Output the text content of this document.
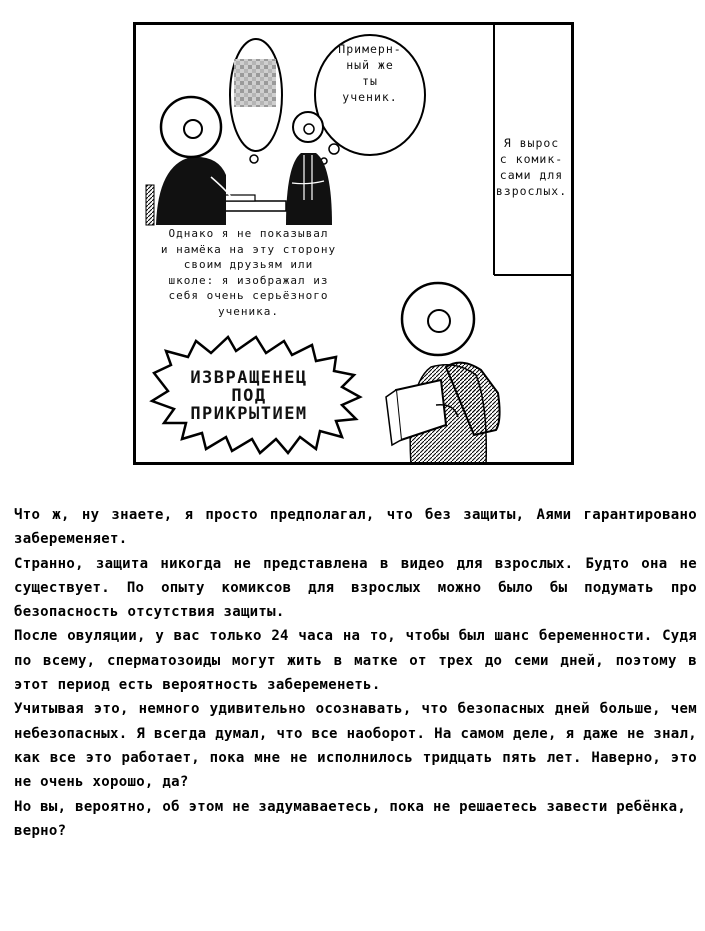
Примерн-
ный же
ты
ученик.
Я вырос
с комик-
сами для
взрослых.
Однако я не показывал
и намёка на эту сторону
своим друзьям или
школе: я изображал из
себя очень серьёзного
ученика.
ИЗВРАЩЕНЕЦ
ПОД
ПРИКРЫТИЕМ

Что ж, ну знаете, я просто предполагал, что без защиты, Аями гарантировано забеременяет.

Странно, защита никогда не представлена в видео для взрослых. Будто она не существует. По опыту комиксов для взрослых можно было бы подумать про безопасность отсутствия защиты.

После овуляции, у вас только 24 часа на то, чтобы был шанс беременности. Судя по всему, сперматозоиды могут жить в матке от трех до семи дней, поэтому в этот период есть вероятность забеременеть.

Учитывая это, немного удивительно осознавать, что безопасных дней больше, чем небезопасных. Я всегда думал, что все наоборот. На самом деле, я даже не знал, как все это работает, пока мне не исполнилось тридцать пять лет. Наверно, это не очень хорошо, да?

Но вы, вероятно, об этом не задумаваетесь, пока не решаетесь завести ребёнка, верно?
